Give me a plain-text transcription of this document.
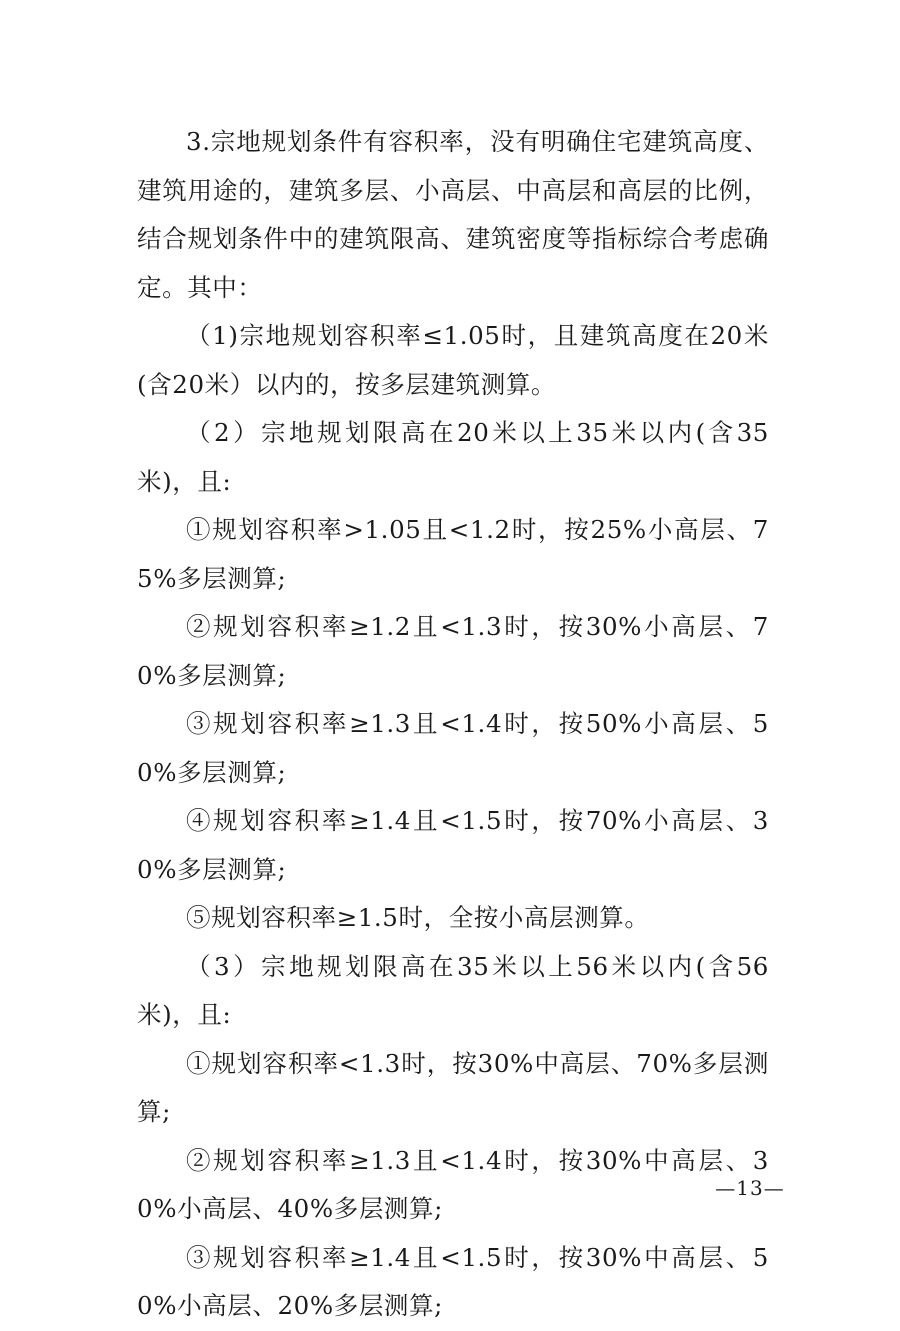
3.宗地规划条件有容积率，没有明确住宅建筑高度、建筑用途的，建筑多层、小高层、中高层和高层的比例，结合规划条件中的建筑限高、建筑密度等指标综合考虑确定。其中：

（1)宗地规划容积率≤1.05时，且建筑高度在20米(含20米）以内的，按多层建筑测算。

（2）宗地规划限高在20米以上35米以内(含35米)，且:

①规划容积率>1.05且<1.2时，按25%小高层、75%多层测算;

②规划容积率≥1.2且<1.3时，按30%小高层、70%多层测算;

③规划容积率≥1.3且<1.4时，按50%小高层、50%多层测算;

④规划容积率≥1.4且<1.5时，按70%小高层、30%多层测算;

⑤规划容积率≥1.5时，全按小高层测算。

（3）宗地规划限高在35米以上56米以内(含56米)，且:

①规划容积率<1.3时，按30%中高层、70%多层测算;

②规划容积率≥1.3且<1.4时，按30%中高层、30%小高层、40%多层测算;

③规划容积率≥1.4且<1.5时，按30%中高层、50%小高层、20%多层测算;

—13—
